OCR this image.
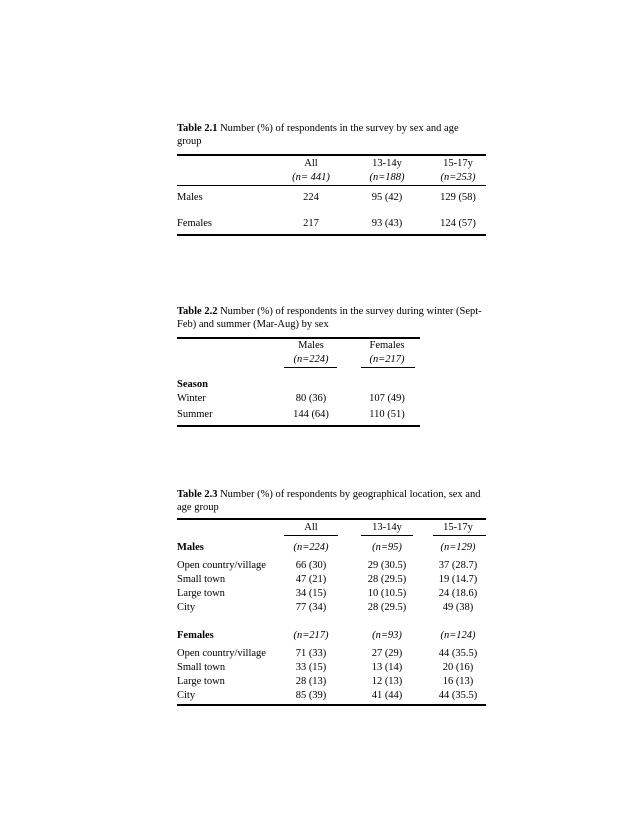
Table 2.1 Number (%) of respondents in the survey by sex and age group

All	13-14y	15-17y
(n= 441)	(n=188)	(n=253)
Males	224	95 (42)	129 (58)
Females	217	93 (43)	124 (57)

Table 2.2 Number (%) of respondents in the survey during winter (Sept-Feb) and summer (Mar-Aug) by sex

Males	Females
(n=224)	(n=217)
Season
Winter	80 (36)	107 (49)
Summer	144 (64)	110 (51)

Table 2.3 Number (%) of respondents by geographical location, sex and age group

All	13-14y	15-17y
Males	(n=224)	(n=95)	(n=129)
Open country/village	66 (30)	29 (30.5)	37 (28.7)
Small town	47 (21)	28 (29.5)	19 (14.7)
Large town	34 (15)	10 (10.5)	24 (18.6)
City	77 (34)	28 (29.5)	49 (38)
Females	(n=217)	(n=93)	(n=124)
Open country/village	71 (33)	27 (29)	44 (35.5)
Small town	33 (15)	13 (14)	20 (16)
Large town	28 (13)	12 (13)	16 (13)
City	85 (39)	41 (44)	44 (35.5)
